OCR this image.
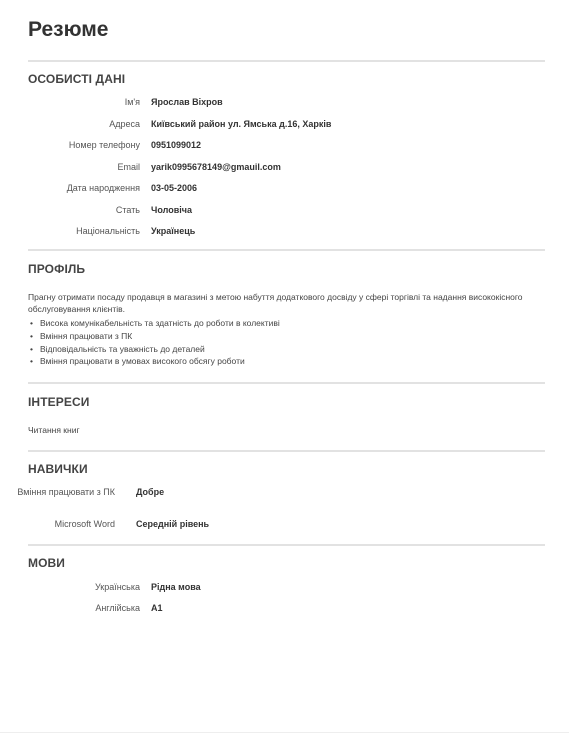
Резюме
ОСОБИСТІ ДАНІ
Ім'я Ярослав Віхров
Адреса Київський район ул. Ямська д.16, Харків
Номер телефону 0951099012
Email yarik0995678149@gmauil.com
Дата народження 03-05-2006
Стать Чоловіча
Національність Українець
ПРОФІЛЬ

Прагну отримати посаду продавця в магазині з метою набуття додаткового досвіду у сфері торгівлі та надання висококісного обслуговування клієнтів.

• Висока комунікабельність та здатність до роботи в колективі
• Вміння працювати з ПК
• Відповідальність та уважність до деталей
• Вміння працювати в умовах високого обсягу роботи
ІНТЕРЕСИ
Читання книг
НАВИЧКИ
Вміння працювати з ПК Добре
Microsoft Word Середній рівень
МОВИ
Українська Рідна мова
Англійська A1
